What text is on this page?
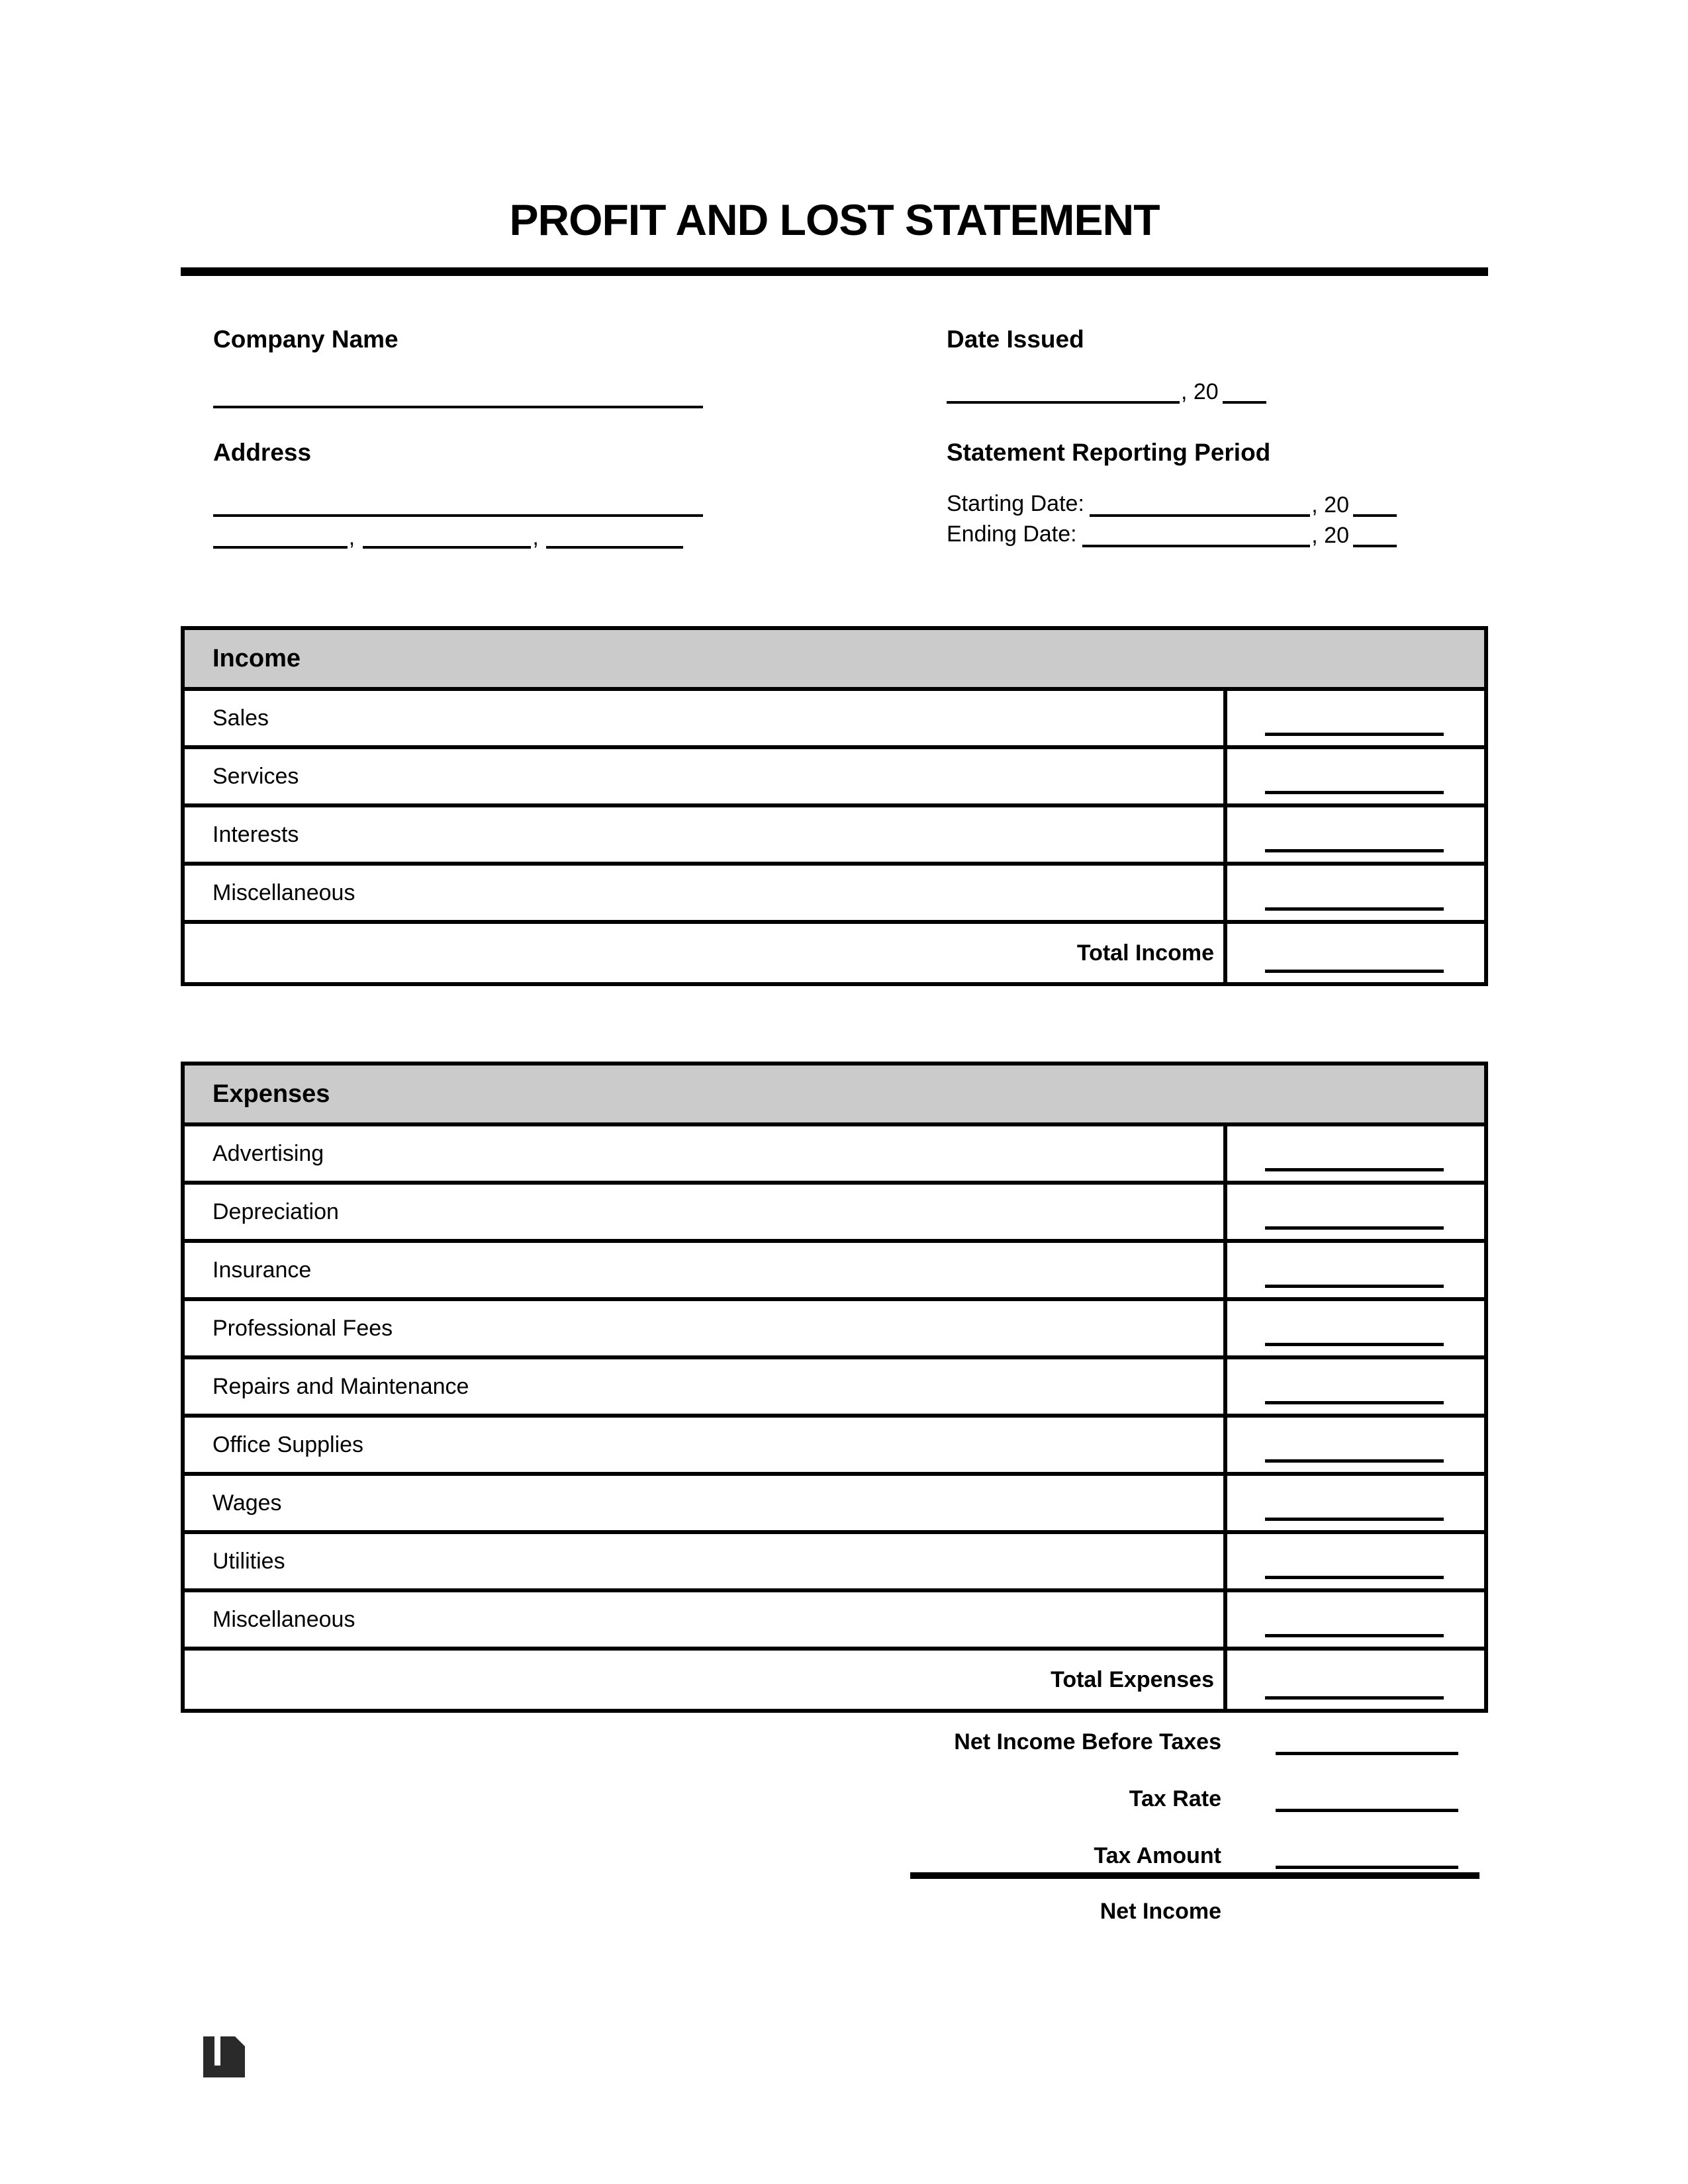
PROFIT AND LOST STATEMENT
Company Name
Address
,	,
Date Issued
, 20
Statement Reporting Period
Starting Date:	, 20
Ending Date:	, 20
Income
Sales
Services
Interests
Miscellaneous
Total Income
Expenses
Advertising
Depreciation
Insurance
Professional Fees
Repairs and Maintenance
Office Supplies
Wages
Utilities
Miscellaneous
Total Expenses
Net Income Before Taxes
Tax Rate
Tax Amount
Net Income
